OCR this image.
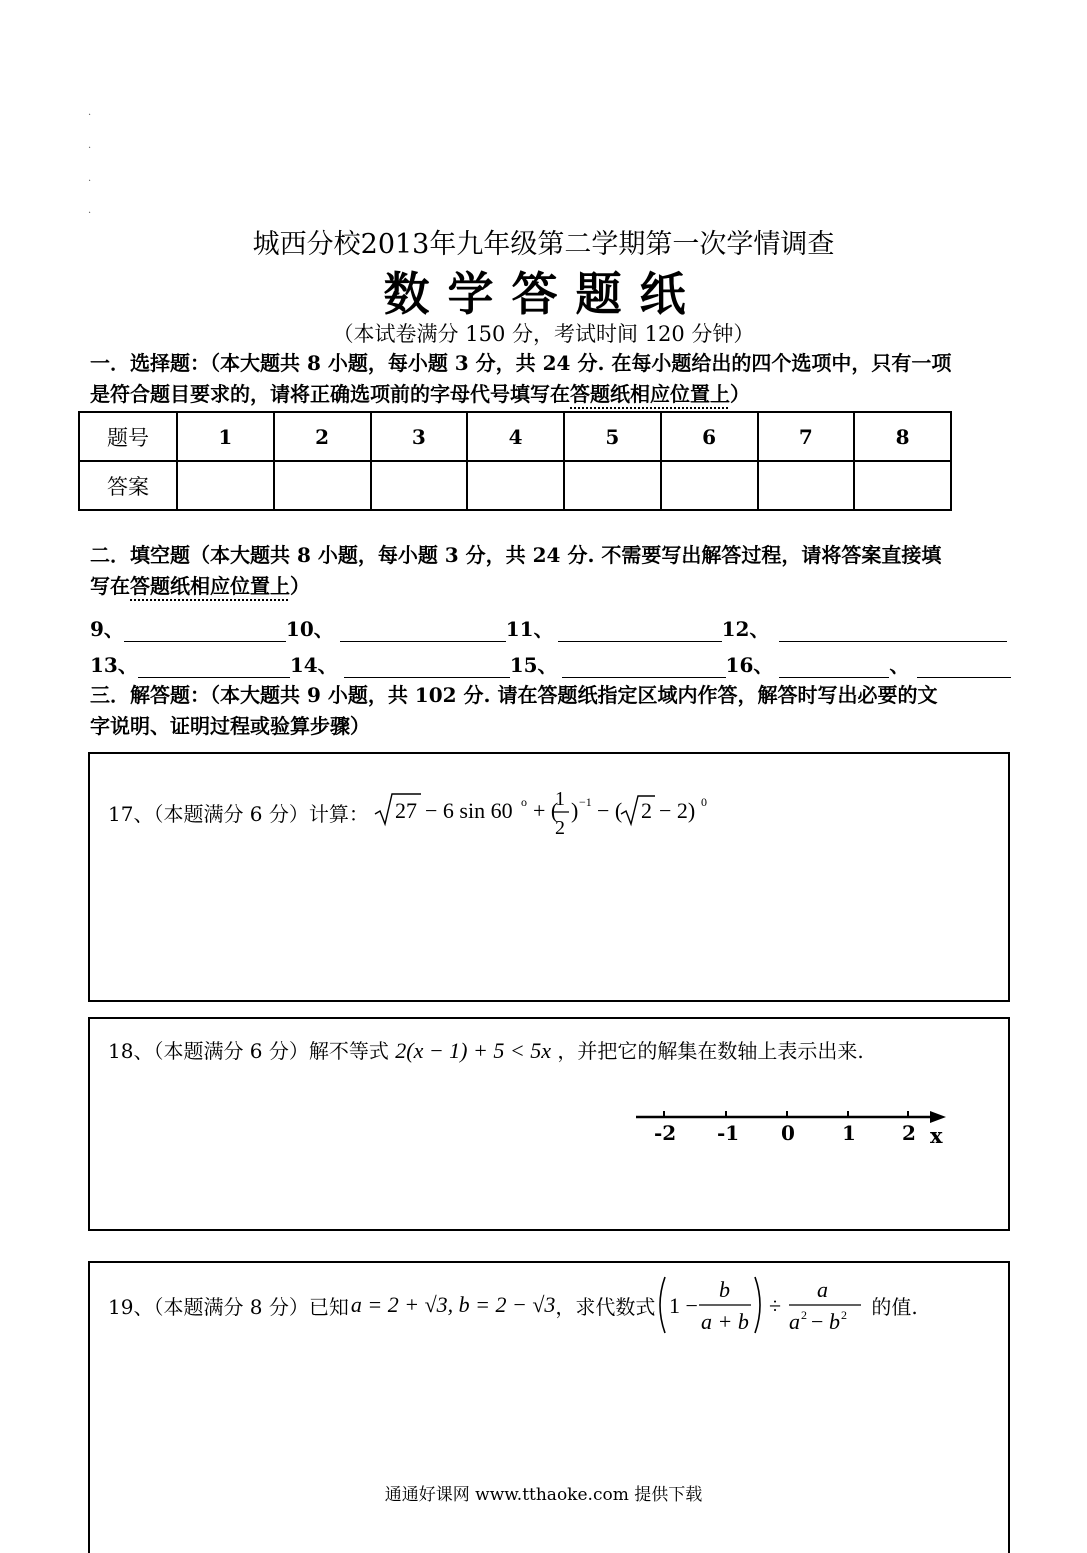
·
·
·
·
城西分校2013年九年级第二学期第一次学情调查
数学答题纸
（本试卷满分 150 分，考试时间 120 分钟）
一．选择题：（本大题共 8 小题，每小题 3 分，共 24 分. 在每小题给出的四个选项中，只有一项
是符合题目要求的，请将正确选项前的字母代号填写在答题纸相应位置上）
题号	1	2	3	4	5	6	7	8
答案								
二．填空题（本大题共 8 小题，每小题 3 分，共 24 分. 不需要写出解答过程，请将答案直接填
写在答题纸相应位置上）
9、	10、	11、	12、
13、	14、	15、	16、	、
三．解答题：（本大题共 9 小题，共 102 分. 请在答题纸指定区域内作答，解答时写出必要的文
字说明、证明过程或验算步骤）
17、（本题满分 6 分）计算： 27 − 6 sin 60 o + (
1
2
) −1 − ( 2 − 2) 0
18、（本题满分 6 分）解不等式 2(x − 1) + 5 < 5x ，并把它的解集在数轴上表示出来.
-2 -1 0 1 2 x
19、（本题满分 8 分）已知 a = 2 + √3, b = 2 − √3 ，求代数式 1 −
b
a + b
÷
a
a 2 − b 2 的值.
通通好课网 www.tthaoke.com 提供下载
